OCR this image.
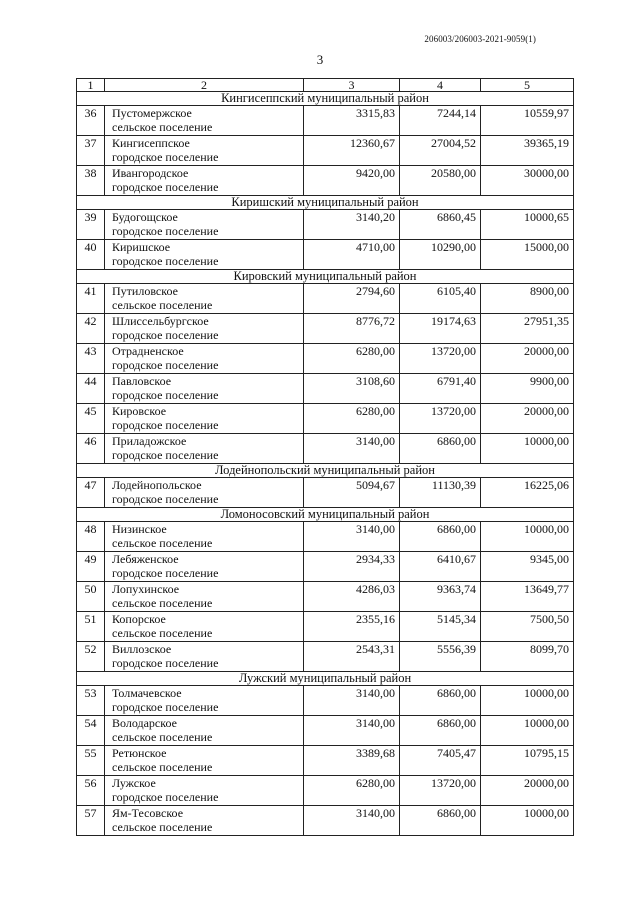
206003/206003-2021-9059(1)
3
1	2	3	4	5
Кингисеппский муниципальный район				
36	Пустомержское
сельское поселение	3315,83	7244,14	10559,97
37	Кингисеппское
городское поселение	12360,67	27004,52	39365,19
38	Ивангородское
городское поселение	9420,00	20580,00	30000,00
Киришский муниципальный район				
39	Будогощское
городское поселение	3140,20	6860,45	10000,65
40	Киришское
городское поселение	4710,00	10290,00	15000,00
Кировский муниципальный район				
41	Путиловское
сельское поселение	2794,60	6105,40	8900,00
42	Шлиссельбургское
городское поселение	8776,72	19174,63	27951,35
43	Отрадненское
городское поселение	6280,00	13720,00	20000,00
44	Павловское
городское поселение	3108,60	6791,40	9900,00
45	Кировское
городское поселение	6280,00	13720,00	20000,00
46	Приладожское
городское поселение	3140,00	6860,00	10000,00
Лодейнопольский муниципальный район				
47	Лодейнопольское
городское поселение	5094,67	11130,39	16225,06
Ломоносовский муниципальный район				
48	Низинское
сельское поселение	3140,00	6860,00	10000,00
49	Лебяженское
городское поселение	2934,33	6410,67	9345,00
50	Лопухинское
сельское поселение	4286,03	9363,74	13649,77
51	Копорское
сельское поселение	2355,16	5145,34	7500,50
52	Виллозское
городское поселение	2543,31	5556,39	8099,70
Лужский муниципальный район				
53	Толмачевское
городское поселение	3140,00	6860,00	10000,00
54	Володарское
сельское поселение	3140,00	6860,00	10000,00
55	Ретюнское
сельское поселение	3389,68	7405,47	10795,15
56	Лужское
городское поселение	6280,00	13720,00	20000,00
57	Ям-Тесовское
сельское поселение	3140,00	6860,00	10000,00
